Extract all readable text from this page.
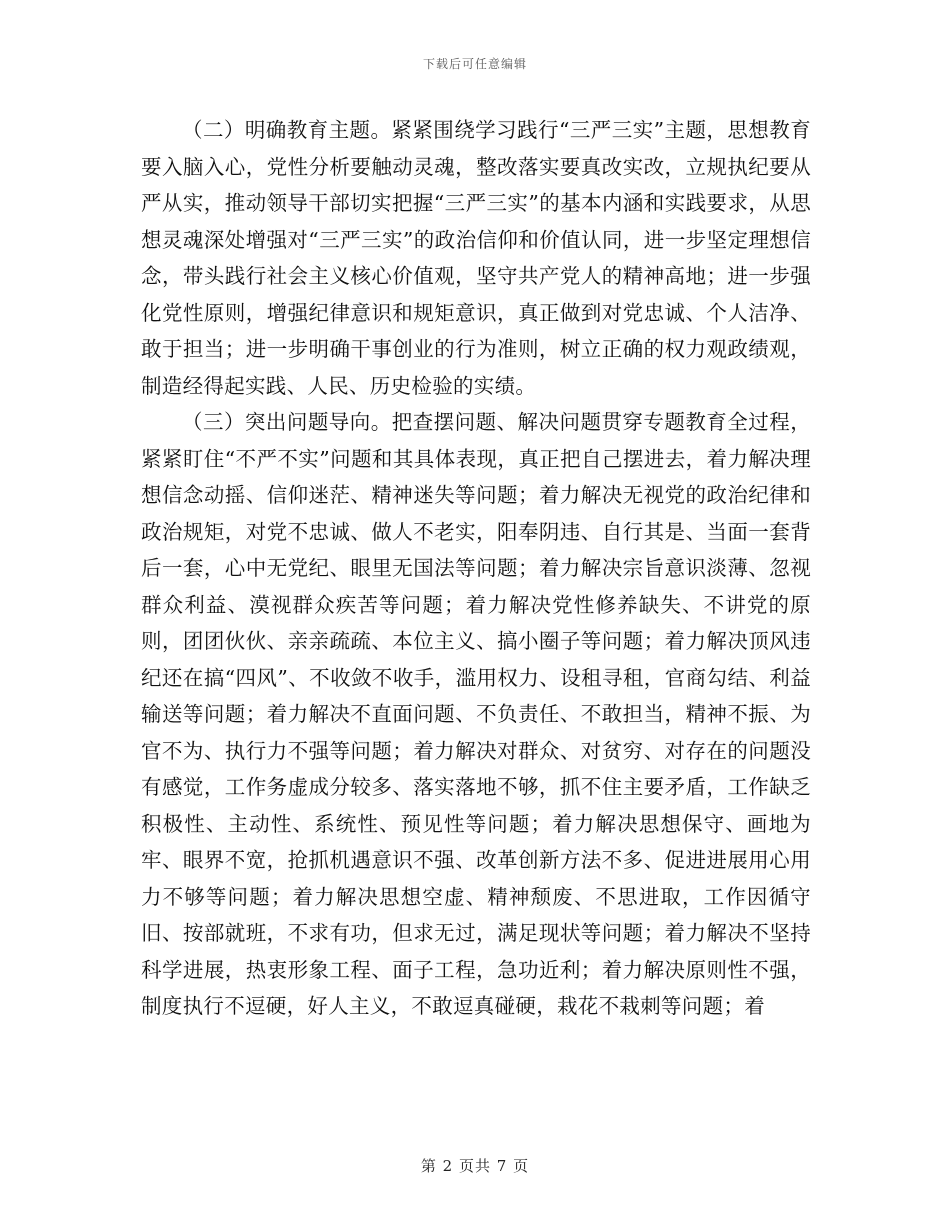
下载后可任意编辑

（二）明确教育主题。紧紧围绕学习践行“三严三实”主题，思想教育要入脑入心，党性分析要触动灵魂，整改落实要真改实改，立规执纪要从严从实，推动领导干部切实把握“三严三实”的基本内涵和实践要求，从思想灵魂深处增强对“三严三实”的政治信仰和价值认同，进一步坚定理想信念，带头践行社会主义核心价值观，坚守共产党人的精神高地；进一步强化党性原则，增强纪律意识和规矩意识，真正做到对党忠诚、个人洁净、敢于担当；进一步明确干事创业的行为准则，树立正确的权力观政绩观，制造经得起实践、人民、历史检验的实绩。

（三）突出问题导向。把查摆问题、解决问题贯穿专题教育全过程，紧紧盯住“不严不实”问题和其具体表现，真正把自己摆进去，着力解决理想信念动摇、信仰迷茫、精神迷失等问题；着力解决无视党的政治纪律和政治规矩，对党不忠诚、做人不老实，阳奉阴违、自行其是、当面一套背后一套，心中无党纪、眼里无国法等问题；着力解决宗旨意识淡薄、忽视群众利益、漠视群众疾苦等问题；着力解决党性修养缺失、不讲党的原则，团团伙伙、亲亲疏疏、本位主义、搞小圈子等问题；着力解决顶风违纪还在搞“四风”、不收敛不收手，滥用权力、设租寻租，官商勾结、利益输送等问题；着力解决不直面问题、不负责任、不敢担当，精神不振、为官不为、执行力不强等问题；着力解决对群众、对贫穷、对存在的问题没有感觉，工作务虚成分较多、落实落地不够，抓不住主要矛盾，工作缺乏积极性、主动性、系统性、预见性等问题；着力解决思想保守、画地为牢、眼界不宽，抢抓机遇意识不强、改革创新方法不多、促进进展用心用力不够等问题；着力解决思想空虚、精神颓废、不思进取，工作因循守旧、按部就班，不求有功，但求无过，满足现状等问题；着力解决不坚持科学进展，热衷形象工程、面子工程，急功近利；着力解决原则性不强，制度执行不逗硬，好人主义，不敢逗真碰硬，栽花不栽刺等问题；着

第 2 页共 7 页
